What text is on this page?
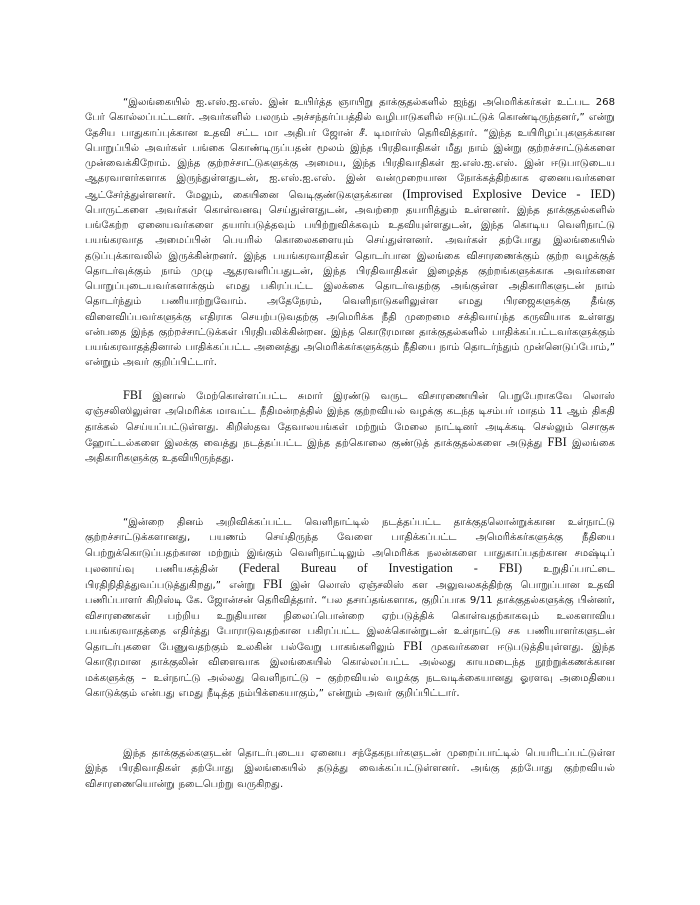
“இலங்கையில் ஐ.எஸ்.ஐ.எஸ். இன் உயிர்த்த ஞாயிறு தாக்குதல்களில் ஐந்து அமெரிக்கர்கள் உட்பட 268 பேர் கொல்லப்பட்டனர். அவர்களில் பலரும் அச்சந்தர்ப்பத்தில் வழிபாடுகளில் ஈடுபட்டுக் கொண்டிருந்தனர்,” என்று தேசிய பாதுகாப்புக்கான உதவி சட்ட மா அதிபர் ஜோன் சீ. டிமார்ஸ் தெரிவித்தார். “இந்த உயிரிழப்புகளுக்கான பொறுப்பில் அவர்கள் பங்கை கொண்டிருப்பதன் மூலம் இந்த பிரதிவாதிகள் மீது நாம் இன்று குற்றச்சாட்டுக்களை முன்வைக்கிறோம். இந்த குற்றச்சாட்டுகளுக்கு அமைய, இந்த பிரதிவாதிகள் ஐ.எஸ்.ஐ.எஸ். இன் ஈடுபாடுடைய ஆதரவாளர்களாக இருந்துள்ளதுடன், ஐ.எஸ்.ஐ.எஸ். இன் வன்முறையான நோக்கத்திற்காக ஏனையவர்களை ஆட்சேர்த்துள்ளனர். மேலும், கையினை வெடிகுண்டுகளுக்கான (Improvised Explosive Device - IED) பொருட்களை அவர்கள் கொள்வனவு செய்துள்ளதுடன், அவற்றை தயாரித்தும் உள்ளனர். இந்த தாக்குதல்களில் பங்கேற்ற ஏனையவர்களை தயார்படுத்தவும் பயிற்றுவிக்கவும் உதவியுள்ளதுடன், இந்த கொடிய வெளிநாட்டு பயங்கரவாத அமைப்பின் பெயரில் கொலைகளையும் செய்துள்ளனர். அவர்கள் தற்போது இலங்கையில் தடுப்புக்காவலில் இருக்கின்றனர். இந்த பயங்கரவாதிகள் தொடர்பான இலங்கை விசாரணைக்கும் குற்ற வழக்குத் தொடர்வுக்கும் நாம் முழு ஆதரவளிப்பதுடன், இந்த பிரதிவாதிகள் இழைத்த குற்றங்களுக்காக அவர்களை பொறுப்புடையவர்களாக்கும் எமது பகிரப்பட்ட இலக்கை தொடர்வதற்கு அங்குள்ள அதிகாரிகளுடன் நாம் தொடர்ந்தும் பணியாற்றுவோம். அதேநேரம், வெளிநாடுகளிலுள்ள எமது பிரஜைகளுக்கு தீங்கு விளைவிப்பவர்களுக்கு எதிராக செயற்படுவதற்கு அமெரிக்க நீதி முறைமை சக்திவாய்ந்த கருவியாக உள்ளது என்பதை இந்த குற்றச்சாட்டுக்கள் பிரதிபலிக்கின்றன. இந்த கொடூரமான தாக்குதல்களில் பாதிக்கப்பட்டவர்களுக்கும் பயங்கரவாதத்தினால் பாதிக்கப்பட்ட அனைத்து அமெரிக்கர்களுக்கும் நீதியை நாம் தொடர்ந்தும் முன்னெடுப்போம்,” என்றும் அவர் குறிப்பிட்டார்.

FBI இனால் மேற்கொள்ளப்பட்ட சுமார் இரண்டு வருட விசாரணையின் பெறுபேறாகவே லொஸ் ஏஞ்சலிஸிலுள்ள அமெரிக்க மாவட்ட நீதிமன்றத்தில் இந்த குற்றவியல் வழக்கு கடந்த டிசம்பர் மாதம் 11 ஆம் திகதி தாக்கல் செய்யப்பட்டுள்ளது. கிறிஸ்தவ தேவாலயங்கள் மற்றும் மேலை நாட்டினர் அடிக்கடி செல்லும் சொகுசு ஹோட்டல்களை இலக்கு வைத்து நடத்தப்பட்ட இந்த தற்கொலை குண்டுத் தாக்குதல்களை அடுத்து FBI இலங்கை அதிகாரிகளுக்கு உதவியிருந்தது.

“இன்றை தினம் அறிவிக்கப்பட்ட வெளிநாட்டில் நடத்தப்பட்ட தாக்குதலொன்றுக்கான உள்நாட்டு குற்றச்சாட்டுக்களானது, பயணம் செய்திருந்த வேளை பாதிக்கப்பட்ட அமெரிக்கர்களுக்கு நீதியை பெற்றுக்கொடுப்பதற்கான மற்றும் இங்கும் வெளிநாட்டிலும் அமெரிக்க நலன்களை பாதுகாப்பதற்கான சமஷ்டிப் புலனாய்வு பணியகத்தின் (Federal Bureau of Investigation - FBI) உறுதிப்பாட்டை பிரதிநிதித்துவப்படுத்துகிறது,” என்று FBI இன் லொஸ் ஏஞ்சலிஸ் கள அலுவலகத்திற்கு பொறுப்பான உதவி பணிப்பாளர் கிறிஸ்டி கே. ஜோன்சன் தெரிவித்தார். “பல தசாப்தங்களாக, குறிப்பாக 9/11 தாக்குதல்களுக்கு பின்னர், விசாரணைகள் பற்றிய உறுதியான நிலைப்பொன்றை ஏற்படுத்திக் கொள்வதற்காகவும் உலகளாவிய பயங்கரவாதத்தை எதிர்த்து போராடுவதற்கான பகிரப்பட்ட இலக்கொன்றுடன் உள்நாட்டு சக பணியாளர்களுடன் தொடர்புகளை பேணுவதற்கும் உலகின் பல்வேறு பாகங்களிலும் FBI முகவர்களை ஈடுபடுத்தியுள்ளது. இந்த கொடூரமான தாக்குலின் விளைவாக இலங்கையில் கொல்லப்பட்ட அல்லது காயமடைந்த நூற்றுக்கணக்கான மக்களுக்கு – உள்நாட்டு அல்லது வெளிநாட்டு – குற்றவியல் வழக்கு நடவடிக்கையானது ஓரளவு அமைதியை கொடுக்கும் என்பது எமது நீடித்த நம்பிக்கையாகும்,” என்றும் அவர் குறிப்பிட்டார்.

இந்த தாக்குதல்களுடன் தொடர்புடைய ஏனைய சந்தேகநபர்களுடன் முறைப்பாட்டில் பெயரிடப்பட்டுள்ள இந்த பிரதிவாதிகள் தற்போது இலங்கையில் தடுத்து வைக்கப்பட்டுள்ளனர். அங்கு தற்போது குற்றவியல் விசாரணையொன்று நடைபெற்று வருகிறது.
